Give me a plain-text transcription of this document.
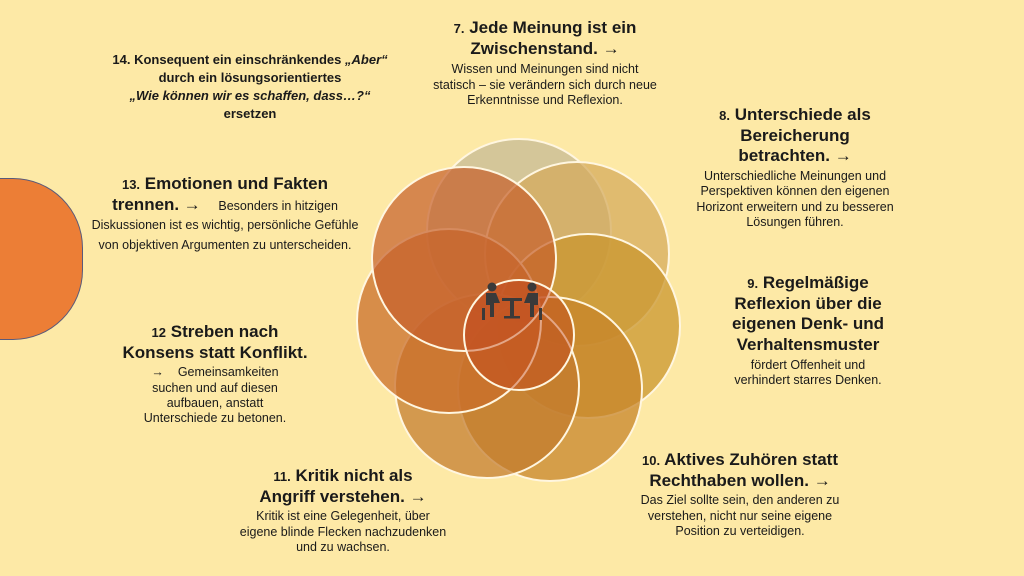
7. Jede Meinung ist ein Zwischenstand. →
Wissen und Meinungen sind nicht statisch – sie verändern sich durch neue Erkenntnisse und Reflexion.
8. Unterschiede als
Bereicherung
betrachten. →
Unterschiedliche Meinungen und Perspektiven können den eigenen Horizont erweitern und zu besseren Lösungen führen.
9. Regelmäßige
Reflexion über die
eigenen Denk- und
Verhaltensmuster
fördert Offenheit und verhindert starres Denken.
10. Aktives Zuhören statt
Rechthaben wollen. →
Das Ziel sollte sein, den anderen zu verstehen, nicht nur seine eigene Position zu verteidigen.
11. Kritik nicht als
Angriff verstehen. →
Kritik ist eine Gelegenheit, über eigene blinde Flecken nachzudenken und zu wachsen.
12 Streben nach
Konsens statt Konflikt.
→ Gemeinsamkeiten suchen und auf diesen aufbauen, anstatt Unterschiede zu betonen.
13. Emotionen und Fakten
trennen. → Besonders in hitzigen Diskussionen ist es wichtig, persönliche Gefühle von objektiven Argumenten zu unterscheiden.
14. Konsequent ein einschränkendes „Aber“
durch ein lösungsorientiertes
„Wie können wir es schaffen, dass…?“
ersetzen
